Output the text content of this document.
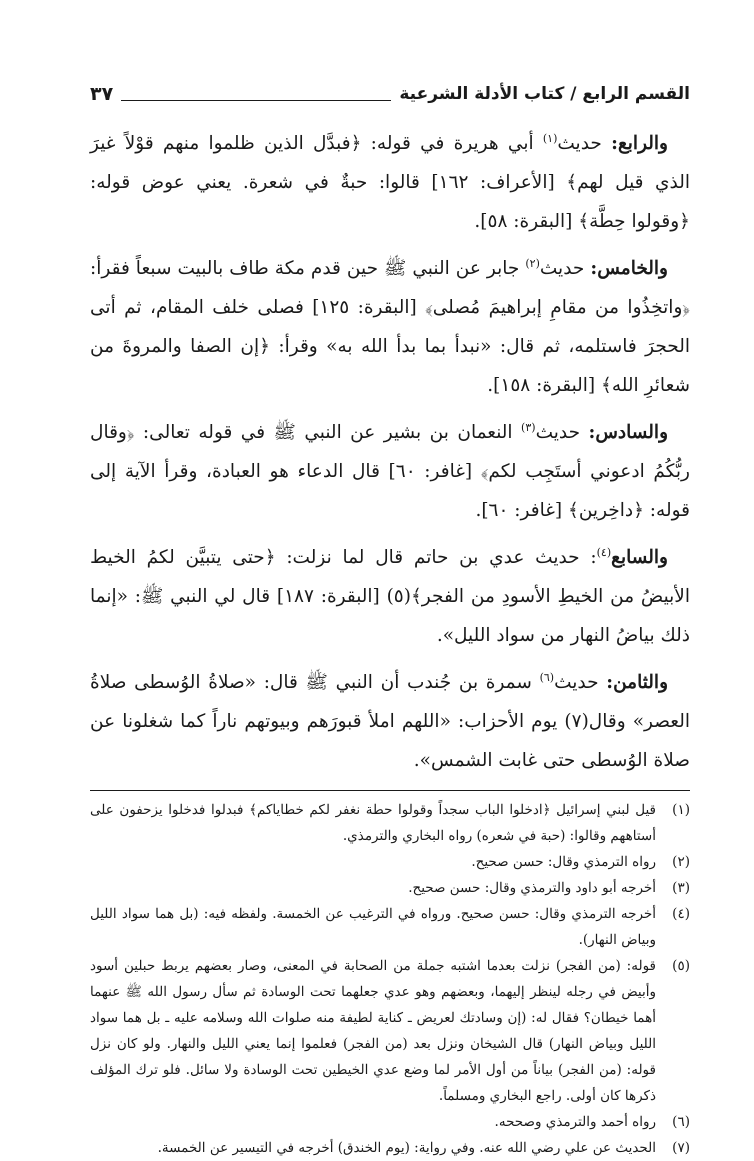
القسم الرابع / كتاب الأدلة الشرعية
٣٧

والرابع: حديث$^{(١)}$ أبي هريرة في قوله: ﴿فبدَّل الذين ظلموا منهم قوْلاً غيرَ الذي قيل لهم﴾ [الأعراف: ١٦٢] قالوا: حبةٌ في شعرة. يعني عوض قوله: ﴿وقولوا حِطَّة﴾ [البقرة: ٥٨].

والخامس: حديث$^{(٢)}$ جابر عن النبي ﷺ حين قدم مكة طاف بالبيت سبعاً فقرأ: ﴿واتخِذُوا من مقامِ إبراهيمَ مُصلى﴾ [البقرة: ١٢٥] فصلى خلف المقام، ثم أتى الحجرَ فاستلمه، ثم قال: «نبدأ بما بدأ الله به» وقرأ: ﴿إن الصفا والمروةَ من شعائرِ الله﴾ [البقرة: ١٥٨].

والسادس: حديث$^{(٣)}$ النعمان بن بشير عن النبي ﷺ في قوله تعالى: ﴿وقال ربُّكُمُ ادعوني أستَجِب لكم﴾ [غافر: ٦٠] قال الدعاء هو العبادة، وقرأ الآية إلى قوله: ﴿داخِرين﴾ [غافر: ٦٠].

والسابع$^{(٤)}$: حديث عدي بن حاتم قال لما نزلت: ﴿حتى يتبيَّن لكمُ الخيط الأبيضُ من الخيطِ الأسودِ من الفجر﴾(٥) [البقرة: ١٨٧] قال لي النبي ﷺ: «إنما ذلك بياضُ النهار من سواد الليل».

والثامن: حديث$^{(٦)}$ سمرة بن جُندب أن النبي ﷺ قال: «صلاةُ الوُسطى صلاةُ العصر» وقال(٧) يوم الأحزاب: «اللهم املأ قبورَهم وبيوتهم ناراً كما شغلونا عن صلاة الوُسطى حتى غابت الشمس».

(١)
قيل لبني إسرائيل ﴿ادخلوا الباب سجداً وقولوا حطة نغفر لكم خطاياكم﴾ فبدلوا فدخلوا يزحفون على أستاههم وقالوا: (حبة في شعره) رواه البخاري والترمذي.
(٢)
رواه الترمذي وقال: حسن صحيح.
(٣)
أخرجه أبو داود والترمذي وقال: حسن صحيح.
(٤)
أخرجه الترمذي وقال: حسن صحيح. ورواه في الترغيب عن الخمسة. ولفظه فيه: (بل هما سواد الليل وبياض النهار).
(٥)
قوله: (من الفجر) نزلت بعدما اشتبه جملة من الصحابة في المعنى، وصار بعضهم يربط حبلين أسود وأبيض في رجله لينظر إليهما، وبعضهم وهو عدي جعلهما تحت الوسادة ثم سأل رسول الله ﷺ عنهما أهما خيطان؟ فقال له: (إن وسادتك لعريض ـ كناية لطيفة منه صلوات الله وسلامه عليه ـ بل هما سواد الليل وبياض النهار) قال الشيخان ونزل بعد (من الفجر) فعلموا إنما يعني الليل والنهار. ولو كان نزل قوله: (من الفجر) بياناً من أول الأمر لما وضع عدي الخيطين تحت الوسادة ولا سائل. فلو ترك المؤلف ذكرها كان أولى. راجع البخاري ومسلماً.
(٦)
رواه أحمد والترمذي وصححه.
(٧)
الحديث عن علي رضي الله عنه. وفي رواية: (يوم الخندق) أخرجه في التيسير عن الخمسة.
